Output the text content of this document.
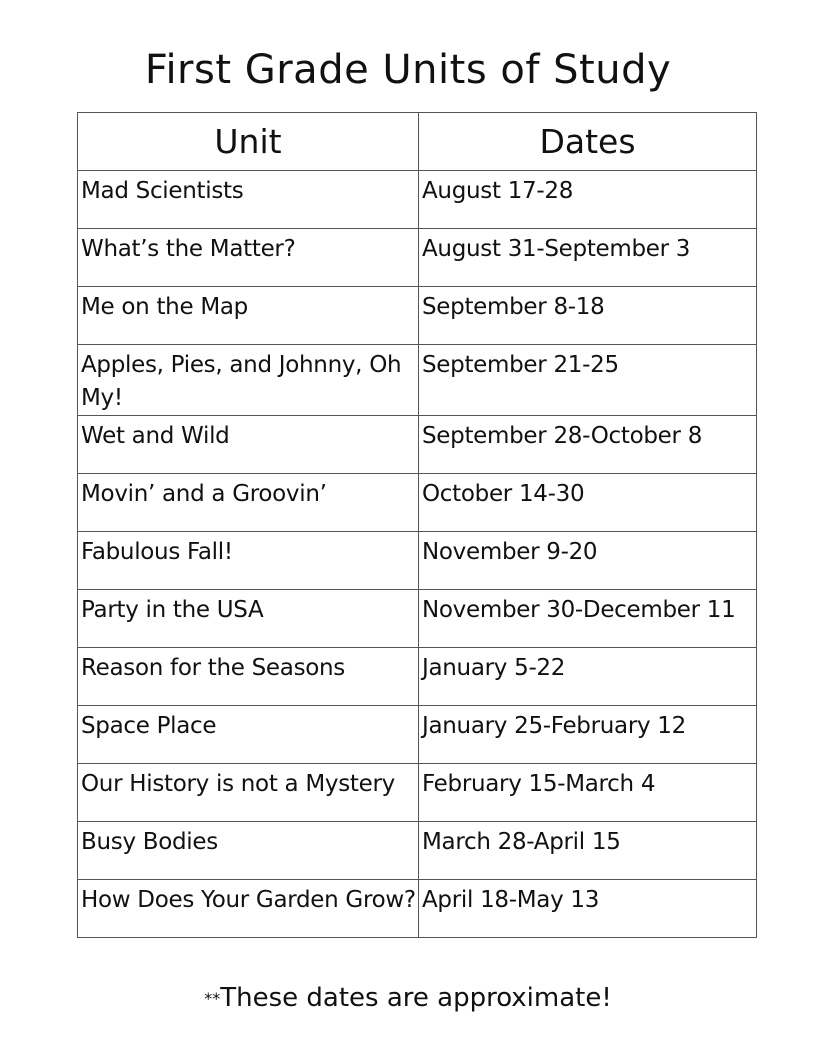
First Grade Units of Study
Unit	Dates
Mad Scientists	August 17-28
What’s the Matter?	August 31-September 3
Me on the Map	September 8-18
Apples, Pies, and Johnny, Oh My!	September 21-25
Wet and Wild	September 28-October 8
Movin’ and a Groovin’	October 14-30
Fabulous Fall!	November 9-20
Party in the USA	November 30-December 11
Reason for the Seasons	January 5-22
Space Place	January 25-February 12
Our History is not a Mystery	February 15-March 4
Busy Bodies	March 28-April 15
How Does Your Garden Grow?	April 18-May 13
**These dates are approximate!
